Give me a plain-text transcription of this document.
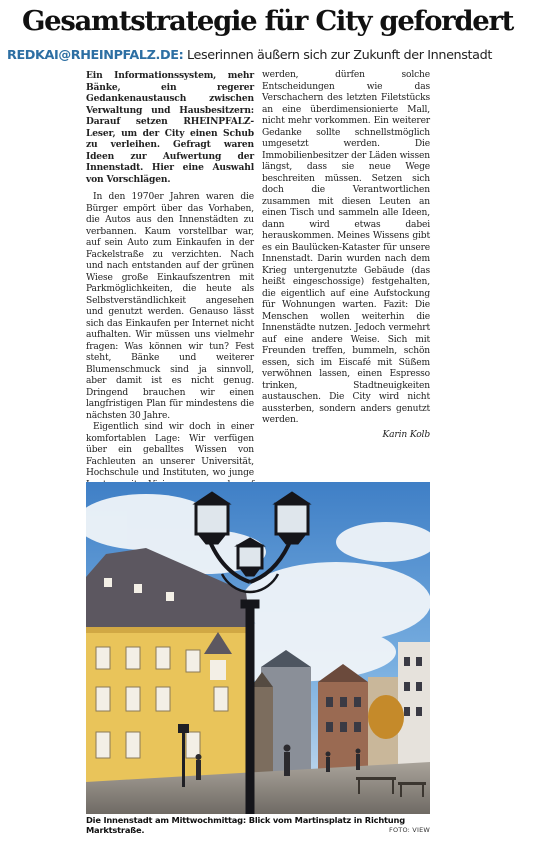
Gesamtstrategie für City gefordert
REDKAI@RHEINPFALZ.DE: Leserinnen äußern sich zur Zukunft der Innenstadt

Ein Informationssystem, mehr Bänke, ein regerer Gedankenaustausch zwischen Verwaltung und Hausbesitzern: Darauf setzen RHEINPFALZ-Leser, um der City einen Schub zu verleihen. Gefragt waren Ideen zur Aufwertung der Innenstadt. Hier eine Auswahl von Vorschlägen.

In den 1970er Jahren waren die Bürger empört über das Vorhaben, die Autos aus den Innenstädten zu verbannen. Kaum vorstellbar war, auf sein Auto zum Einkaufen in der Fackelstraße zu verzichten. Nach und nach entstanden auf der grünen Wiese große Einkaufszentren mit Parkmöglichkeiten, die heute als Selbstverständlichkeit angesehen und genutzt werden. Genauso lässt sich das Einkaufen per Internet nicht aufhalten. Wir müssen uns vielmehr fragen: Was können wir tun? Fest steht, Bänke und weiterer Blumenschmuck sind ja sinnvoll, aber damit ist es nicht genug. Dringend brauchen wir einen langfristigen Plan für mindestens die nächsten 30 Jahre.

Eigentlich sind wir doch in einer komfortablen Lage: Wir verfügen über ein geballtes Wissen von Fachleuten an unserer Universität, Hochschule und Instituten, wo junge

werden, dürfen solche Entscheidungen wie das Verschachern des letzten Filetstücks an eine überdimensionierte Mall, nicht mehr vorkommen. Ein weiterer Gedanke sollte schnellstmöglich umgesetzt werden. Die Immobilienbesitzer der Läden wissen längst, dass sie neue Wege beschreiten müssen. Setzen sich doch die Verantwortlichen zusammen mit diesen Leuten an einen Tisch und sammeln alle Ideen, dann wird etwas dabei herauskommen. Meines Wissens gibt es ein Baulücken-Kataster für unsere Innenstadt. Darin wurden nach dem Krieg untergenutzte Gebäude (das heißt eingeschossige) festgehalten, die eigentlich auf eine Aufstockung für Wohnungen warten. Fazit: Die Menschen wollen weiterhin die Innenstädte nutzen. Jedoch vermehrt auf eine andere Weise. Sich mit Freunden treffen, bummeln, schön essen, sich im Eiscafé mit Süßem verwöhnen lassen, einen Espresso trinken, Stadtneuigkeiten austauschen. Die City wird nicht aussterben, sondern anders genutzt werden.

Karin Kolb
Die Innenstadt am Mittwochmittag: Blick vom Martinsplatz in Richtung Marktstraße.	FOTO: VIEW
